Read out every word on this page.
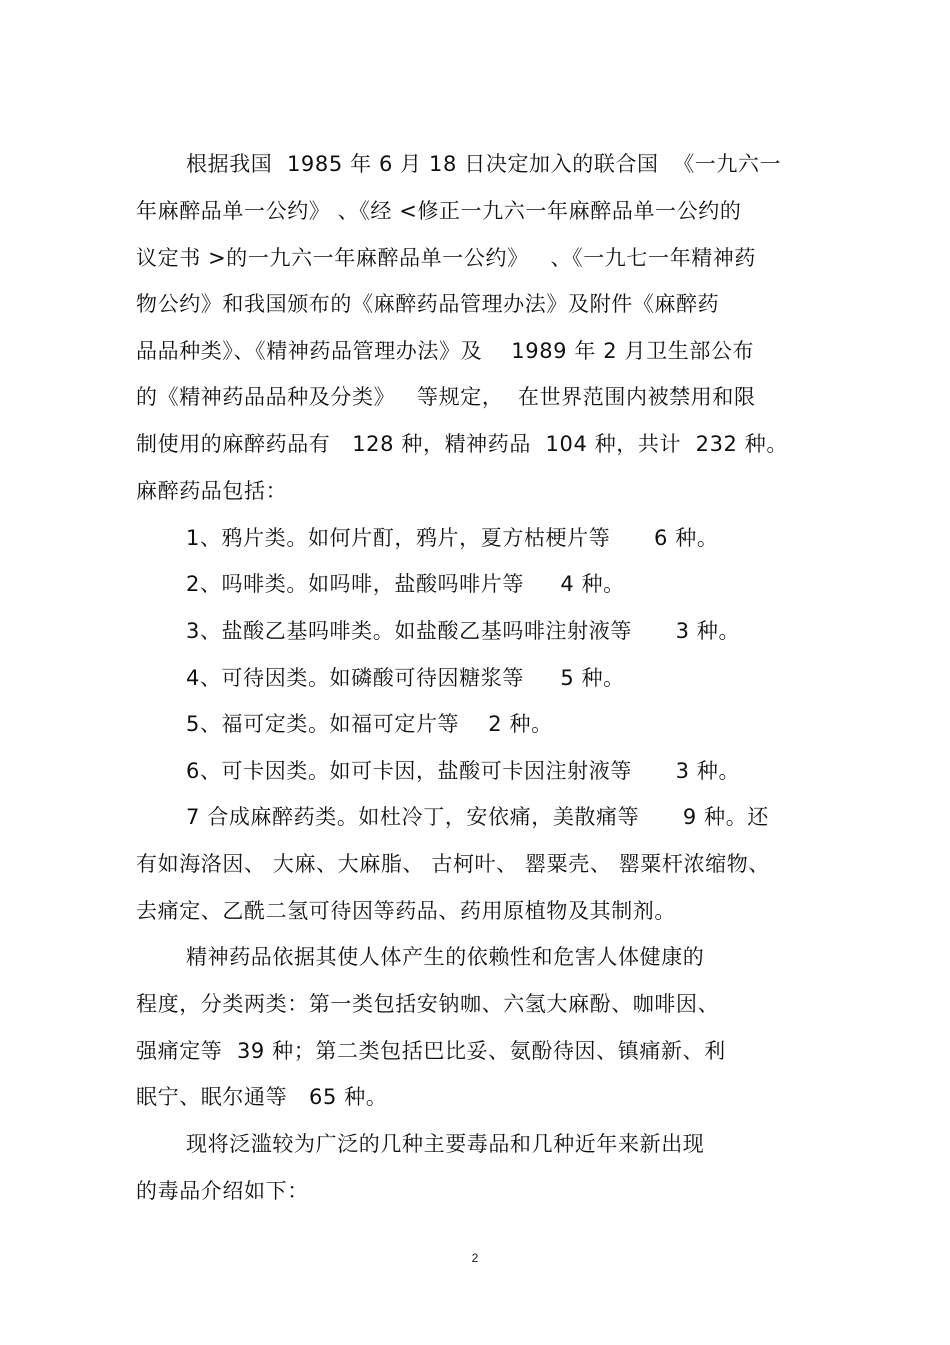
根据我国  1985 年 6 月 18 日决定加入的联合国  《一九六一
年麻醉品单一公约》 、《经 <修正一九六一年麻醉品单一公约的
议定书 >的一九六一年麻醉品单一公约》   、《一九七一年精神药
物公约》和我国颁布的《麻醉药品管理办法》及附件《麻醉药
品品种类》、《精神药品管理办法》及    1989 年 2 月卫生部公布
的《精神药品品种及分类》   等规定，  在世界范围内被禁用和限
制使用的麻醉药品有   128 种，精神药品  104 种，共计  232 种。
麻醉药品包括：
1、鸦片类。如何片酊，鸦片，夏方枯梗片等      6 种。
2、吗啡类。如吗啡，盐酸吗啡片等     4 种。
3、盐酸乙基吗啡类。如盐酸乙基吗啡注射液等      3 种。
4、可待因类。如磷酸可待因糖浆等     5 种。
5、福可定类。如福可定片等    2 种。
6、可卡因类。如可卡因，盐酸可卡因注射液等      3 种。
7 合成麻醉药类。如杜冷丁，安依痛，美散痛等      9 种。还
有如海洛因、 大麻、大麻脂、 古柯叶、 罂粟壳、 罂粟杆浓缩物、
去痛定、乙酰二氢可待因等药品、药用原植物及其制剂。
精神药品依据其使人体产生的依赖性和危害人体健康的
程度，分类两类：第一类包括安钠咖、六氢大麻酚、咖啡因、
强痛定等  39 种；第二类包括巴比妥、氨酚待因、镇痛新、利
眠宁、眠尔通等   65 种。
现将泛滥较为广泛的几种主要毒品和几种近年来新出现
的毒品介绍如下：
2
